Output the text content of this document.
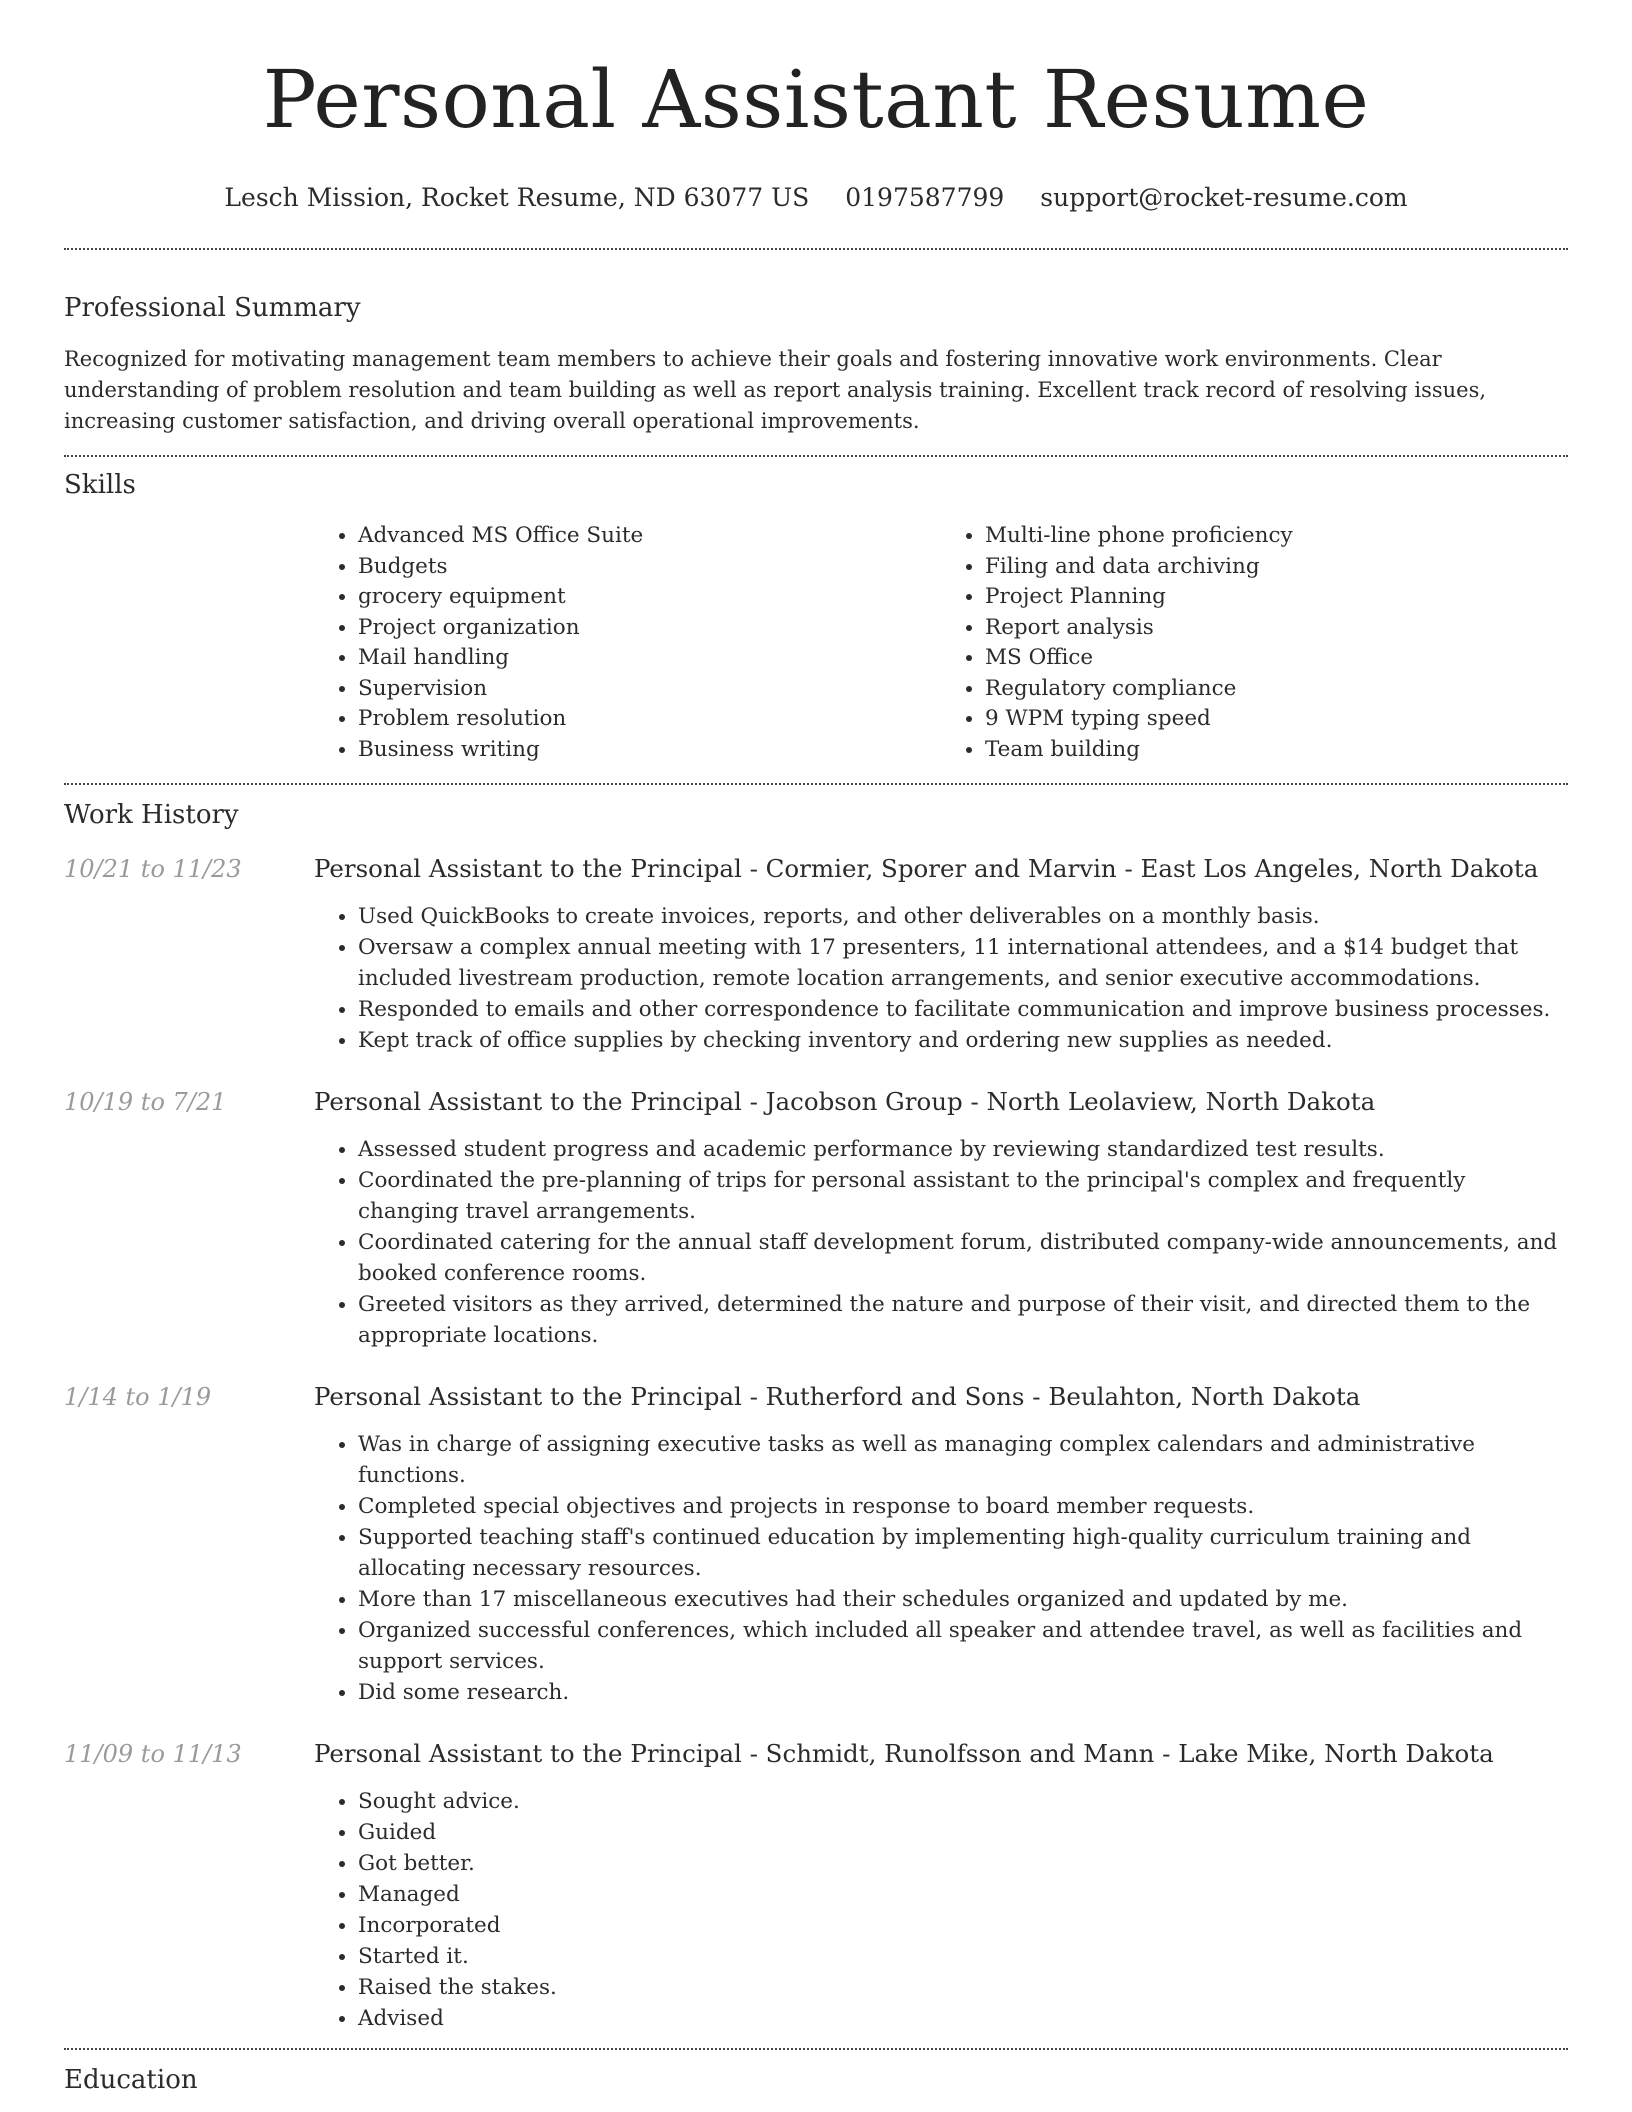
Personal Assistant Resume
Lesch Mission, Rocket Resume, ND 63077 US 0197587799 support@rocket-resume.com
Professional Summary

Recognized for motivating management team members to achieve their goals and fostering innovative work environments. Clear understanding of problem resolution and team building as well as report analysis training. Excellent track record of resolving issues, increasing customer satisfaction, and driving overall operational improvements.

Skills
• Advanced MS Office Suite
• Budgets
• grocery equipment
• Project organization
• Mail handling
• Supervision
• Problem resolution
• Business writing
• Multi-line phone proficiency
• Filing and data archiving
• Project Planning
• Report analysis
• MS Office
• Regulatory compliance
• 9 WPM typing speed
• Team building
Work History
10/21 to 11/23	Personal Assistant to the Principal - Cormier, Sporer and Marvin - East Los Angeles, North Dakota
• Used QuickBooks to create invoices, reports, and other deliverables on a monthly basis.
• Oversaw a complex annual meeting with 17 presenters, 11 international attendees, and a $14 budget that included livestream production, remote location arrangements, and senior executive accommodations.
• Responded to emails and other correspondence to facilitate communication and improve business processes.
• Kept track of office supplies by checking inventory and ordering new supplies as needed.
10/19 to 7/21	Personal Assistant to the Principal - Jacobson Group - North Leolaview, North Dakota
• Assessed student progress and academic performance by reviewing standardized test results.
• Coordinated the pre-planning of trips for personal assistant to the principal's complex and frequently changing travel arrangements.
• Coordinated catering for the annual staff development forum, distributed company-wide announcements, and booked conference rooms.
• Greeted visitors as they arrived, determined the nature and purpose of their visit, and directed them to the appropriate locations.
1/14 to 1/19	Personal Assistant to the Principal - Rutherford and Sons - Beulahton, North Dakota
• Was in charge of assigning executive tasks as well as managing complex calendars and administrative functions.
• Completed special objectives and projects in response to board member requests.
• Supported teaching staff's continued education by implementing high-quality curriculum training and allocating necessary resources.
• More than 17 miscellaneous executives had their schedules organized and updated by me.
• Organized successful conferences, which included all speaker and attendee travel, as well as facilities and support services.
• Did some research.
11/09 to 11/13	Personal Assistant to the Principal - Schmidt, Runolfsson and Mann - Lake Mike, North Dakota
• Sought advice.
• Guided
• Got better.
• Managed
• Incorporated
• Started it.
• Raised the stakes.
• Advised
Education
